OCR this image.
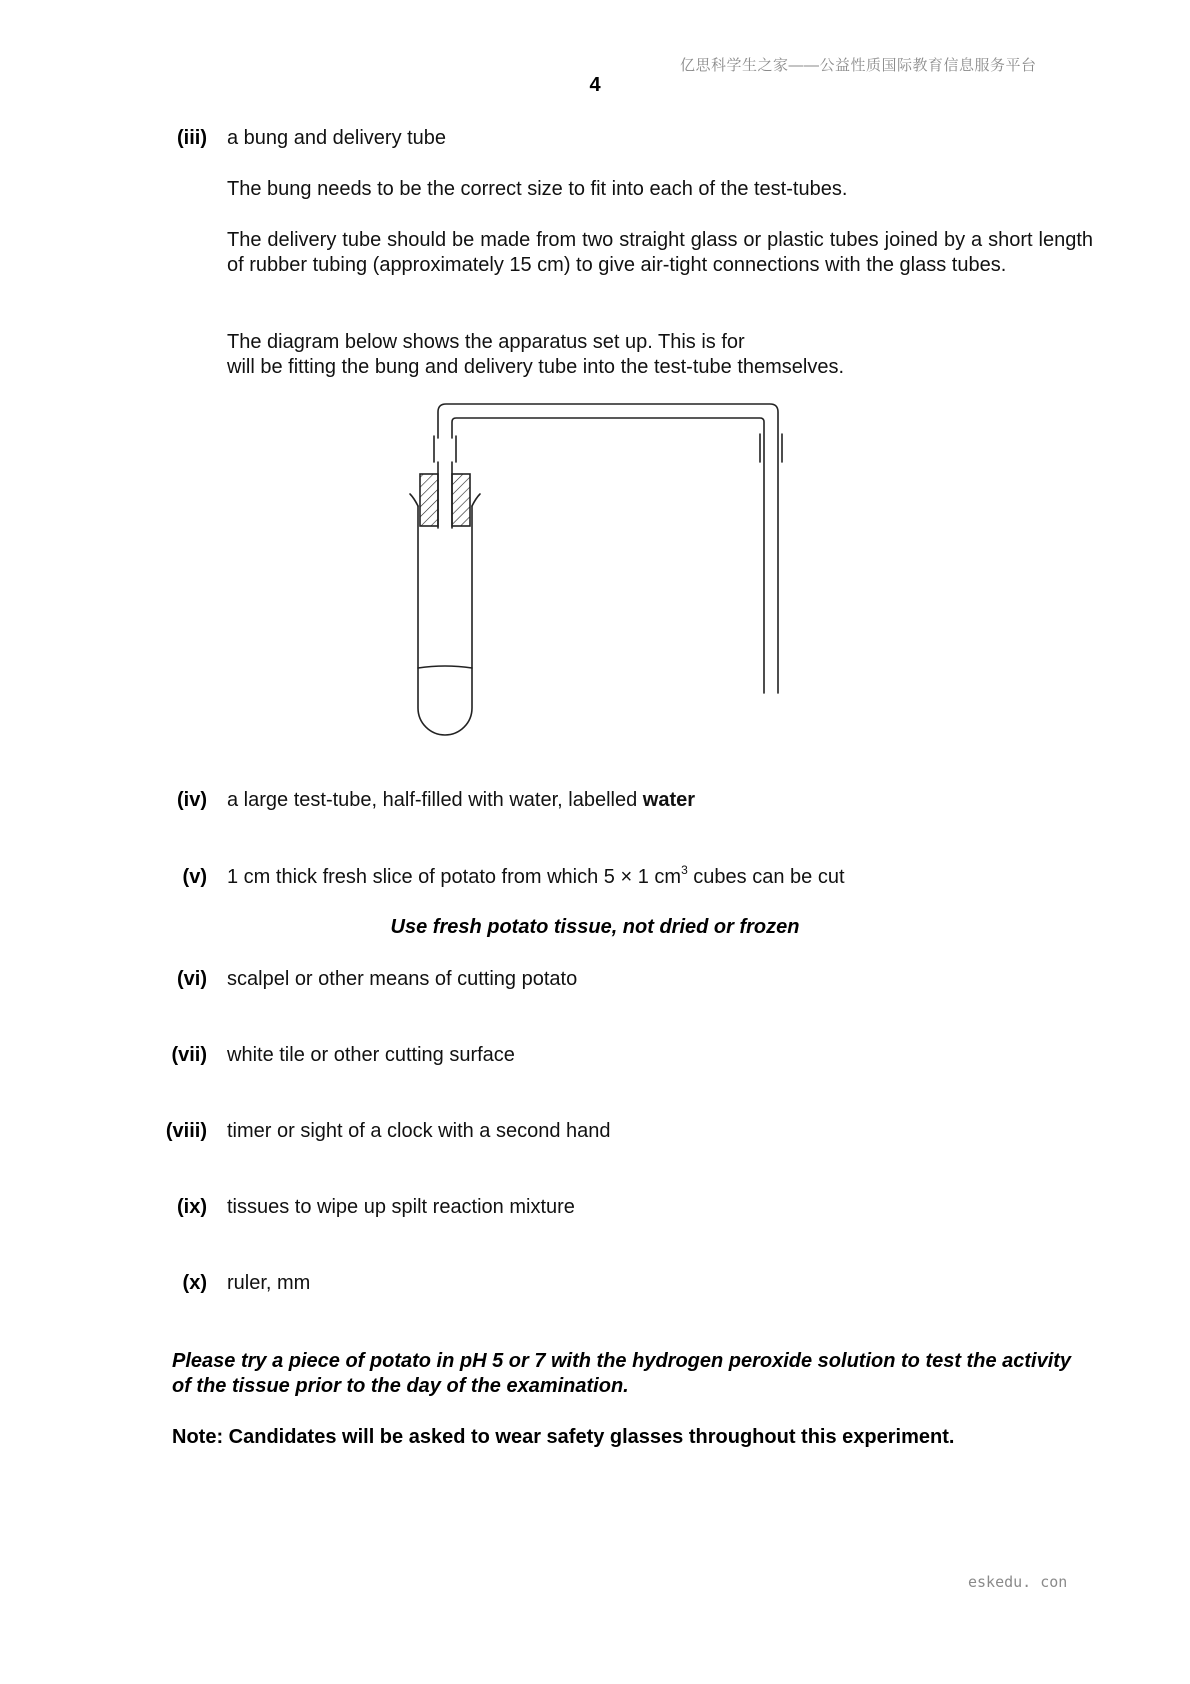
亿思科学生之家——公益性质国际教育信息服务平台
4
(iii) a bung and delivery tube
The bung needs to be the correct size to fit into each of the test-tubes.
The delivery tube should be made from two straight glass or plastic tubes joined by a short length of rubber tubing (approximately 15 cm) to give air-tight connections with the glass tubes.
The diagram below shows the apparatus set up. This is for
will be fitting the bung and delivery tube into the test-tube themselves.
(iv) a large test-tube, half-filled with water, labelled water
(v) 1 cm thick fresh slice of potato from which 5 × 1 $cm^3$ cubes can be cut
Use fresh potato tissue, not dried or frozen
(vi) scalpel or other means of cutting potato
(vii) white tile or other cutting surface
(viii) timer or sight of a clock with a second hand
(ix) tissues to wipe up spilt reaction mixture
(x) ruler, mm
Please try a piece of potato in pH 5 or 7 with the hydrogen peroxide solution to test the activity of the tissue prior to the day of the examination.
Note: Candidates will be asked to wear safety glasses throughout this experiment.
eskedu. con
